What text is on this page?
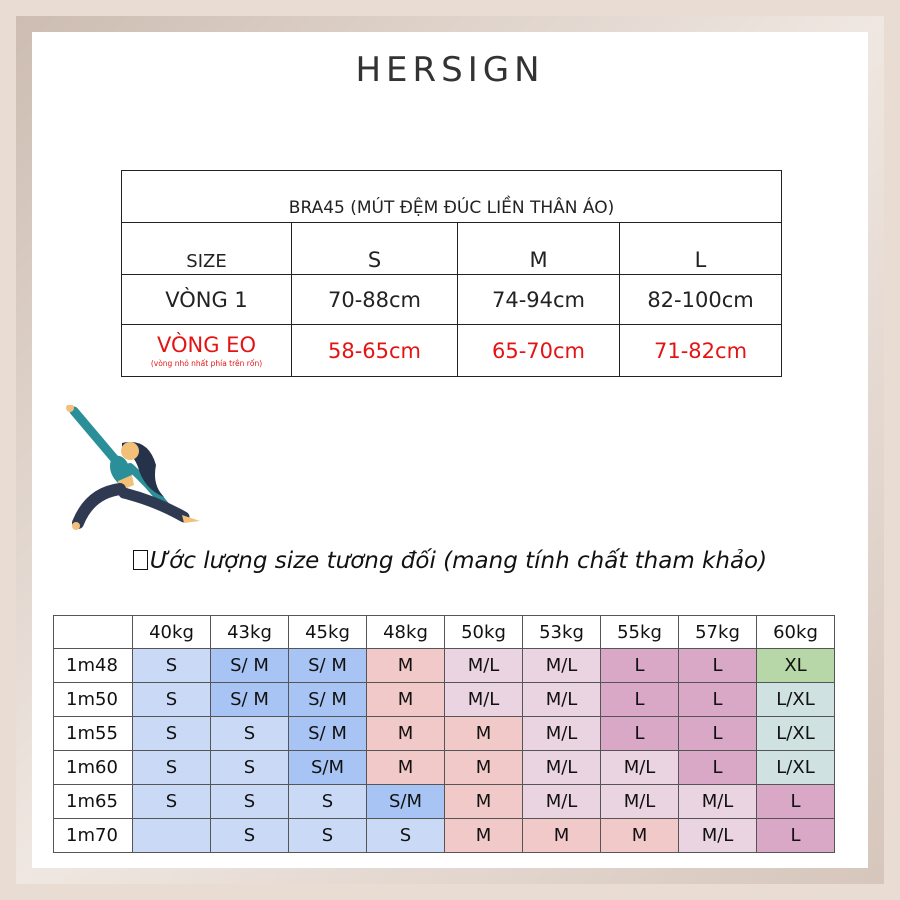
HERSIGN
BRA45 (MÚT ĐỆM ĐÚC LIỀN THÂN ÁO)			
SIZE	S	M	L
VÒNG 1	70-88cm	74-94cm	82-100cm
VÒNG EO
(vòng nhỏ nhất phía trên rốn)	58-65cm	65-70cm	71-82cm
Ước lượng size tương đối (mang tính chất tham khảo)
	40kg	43kg	45kg	48kg	50kg	53kg	55kg	57kg	60kg
1m48	S	S/ M	S/ M	M	M/L	M/L	L	L	XL
1m50	S	S/ M	S/ M	M	M/L	M/L	L	L	L/XL
1m55	S	S	S/ M	M	M	M/L	L	L	L/XL
1m60	S	S	S/M	M	M	M/L	M/L	L	L/XL
1m65	S	S	S	S/M	M	M/L	M/L	M/L	L
1m70		S	S	S	M	M	M	M/L	L
